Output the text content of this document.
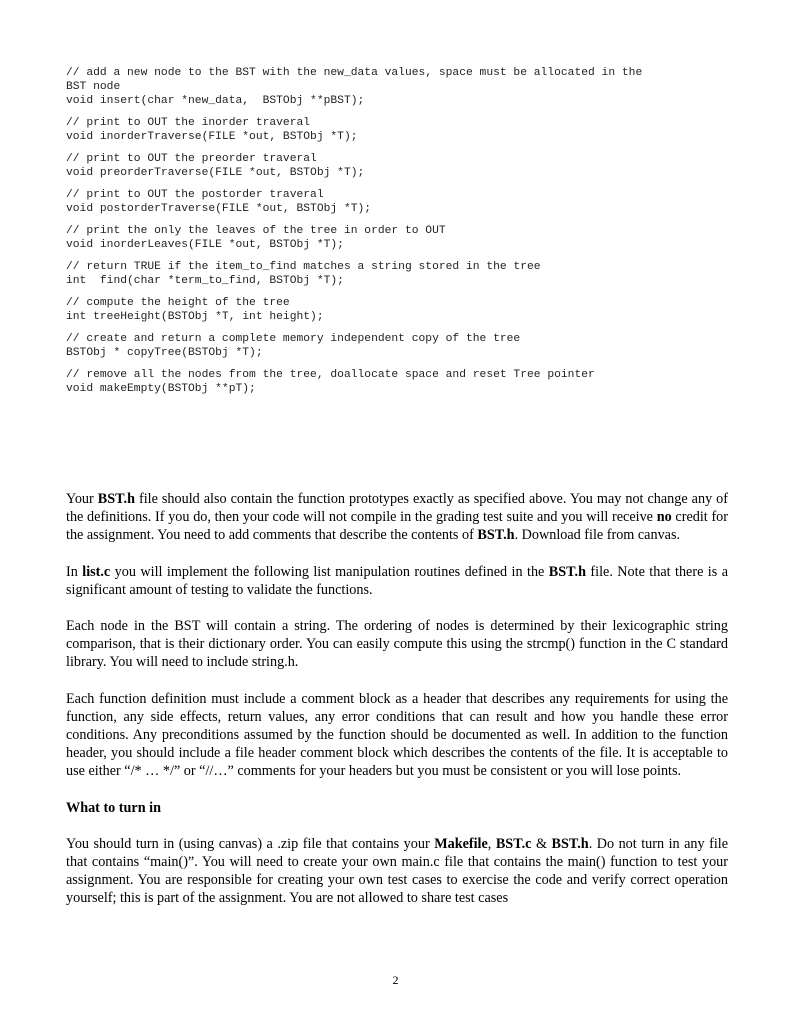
// add a new node to the BST with the new_data values, space must be allocated in the
BST node
void insert(char *new_data,  BSTObj **pBST);
// print to OUT the inorder traveral
void inorderTraverse(FILE *out, BSTObj *T);
// print to OUT the preorder traveral
void preorderTraverse(FILE *out, BSTObj *T);
// print to OUT the postorder traveral
void postorderTraverse(FILE *out, BSTObj *T);
// print the only the leaves of the tree in order to OUT
void inorderLeaves(FILE *out, BSTObj *T);
// return TRUE if the item_to_find matches a string stored in the tree
int  find(char *term_to_find, BSTObj *T);
// compute the height of the tree
int treeHeight(BSTObj *T, int height);
// create and return a complete memory independent copy of the tree
BSTObj * copyTree(BSTObj *T);
// remove all the nodes from the tree, doallocate space and reset Tree pointer
void makeEmpty(BSTObj **pT);

Your BST.h file should also contain the function prototypes exactly as specified above. You may not change any of the definitions. If you do, then your code will not compile in the grading test suite and you will receive no credit for the assignment. You need to add comments that describe the contents of BST.h. Download file from canvas.

In list.c you will implement the following list manipulation routines defined in the BST.h file. Note that there is a significant amount of testing to validate the functions.

Each node in the BST will contain a string. The ordering of nodes is determined by their lexicographic string comparison, that is their dictionary order. You can easily compute this using the strcmp() function in the C standard library. You will need to include string.h.

Each function definition must include a comment block as a header that describes any requirements for using the function, any side effects, return values, any error conditions that can result and how you handle these error conditions. Any preconditions assumed by the function should be documented as well. In addition to the function header, you should include a file header comment block which describes the contents of the file. It is acceptable to use either “/* … */” or “//…” comments for your headers but you must be consistent or you will lose points.

What to turn in

You should turn in (using canvas) a .zip file that contains your Makefile, BST.c & BST.h. Do not turn in any file that contains “main()”. You will need to create your own main.c file that contains the main() function to test your assignment. You are responsible for creating your own test cases to exercise the code and verify correct operation yourself; this is part of the assignment. You are not allowed to share test cases

2
